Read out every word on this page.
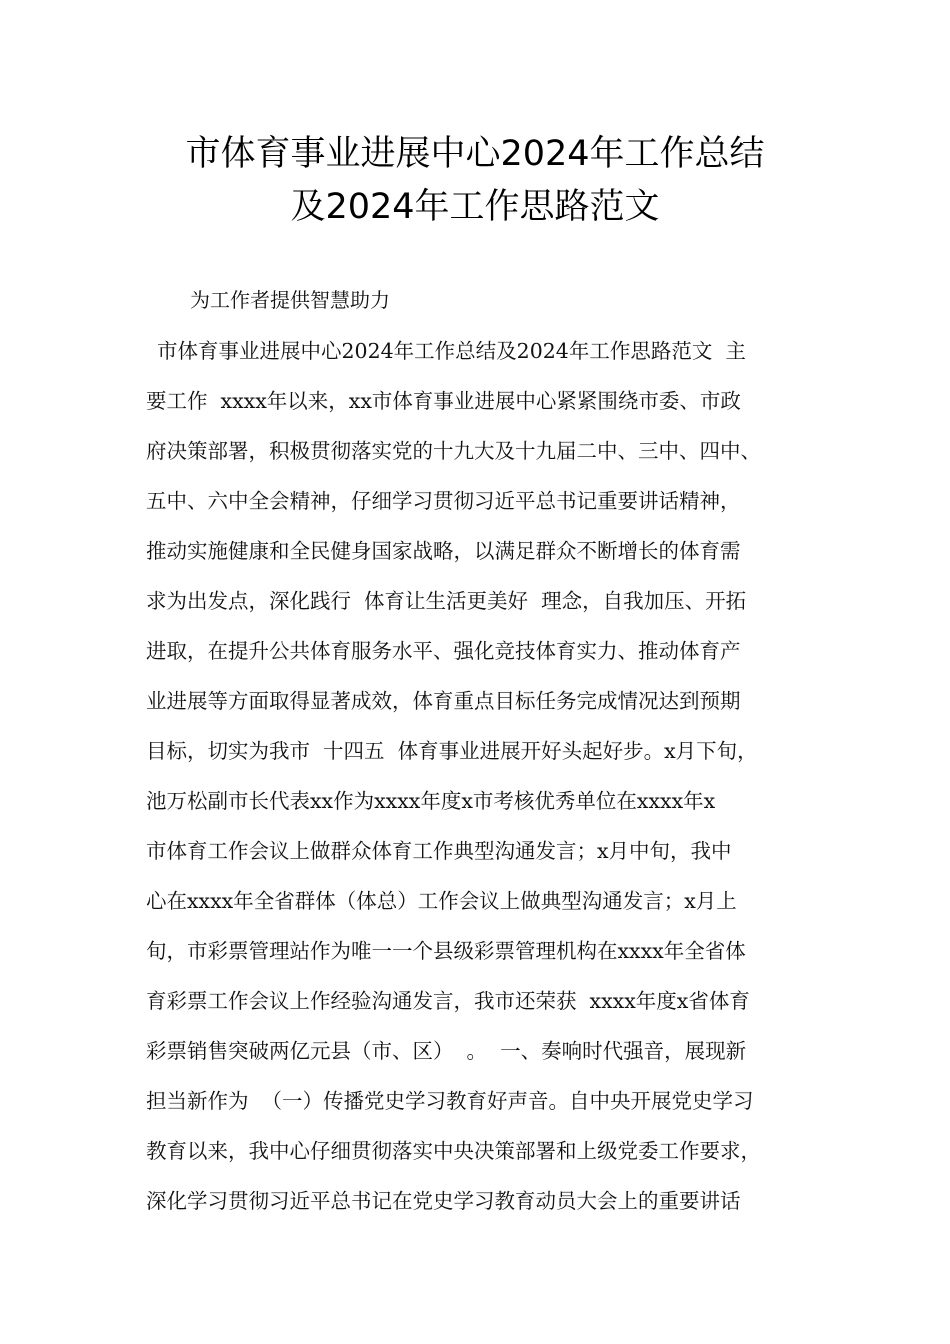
市体育事业进展中心2024年工作总结
及2024年工作思路范文

为工作者提供智慧助力

市体育事业进展中心2024年工作总结及2024年工作思路范文  主

要工作  xxxx年以来，xx市体育事业进展中心紧紧围绕市委、市政

府决策部署，积极贯彻落实党的十九大及十九届二中、三中、四中、

五中、六中全会精神，仔细学习贯彻习近平总书记重要讲话精神，

推动实施健康和全民健身国家战略，以满足群众不断增长的体育需

求为出发点，深化践行  体育让生活更美好  理念，自我加压、开拓

进取，在提升公共体育服务水平、强化竞技体育实力、推动体育产

业进展等方面取得显著成效，体育重点目标任务完成情况达到预期

目标，切实为我市  十四五  体育事业进展开好头起好步。x月下旬，

池万松副市长代表xx作为xxxx年度x市考核优秀单位在xxxx年x

市体育工作会议上做群众体育工作典型沟通发言；x月中旬，我中

心在xxxx年全省群体（体总）工作会议上做典型沟通发言；x月上

旬，市彩票管理站作为唯一一个县级彩票管理机构在xxxx年全省体

育彩票工作会议上作经验沟通发言，我市还荣获  xxxx年度x省体育

彩票销售突破两亿元县（市、区）  。  一、奏响时代强音，展现新

担当新作为  （一）传播党史学习教育好声音。自中央开展党史学习

教育以来，我中心仔细贯彻落实中央决策部署和上级党委工作要求，

深化学习贯彻习近平总书记在党史学习教育动员大会上的重要讲话
